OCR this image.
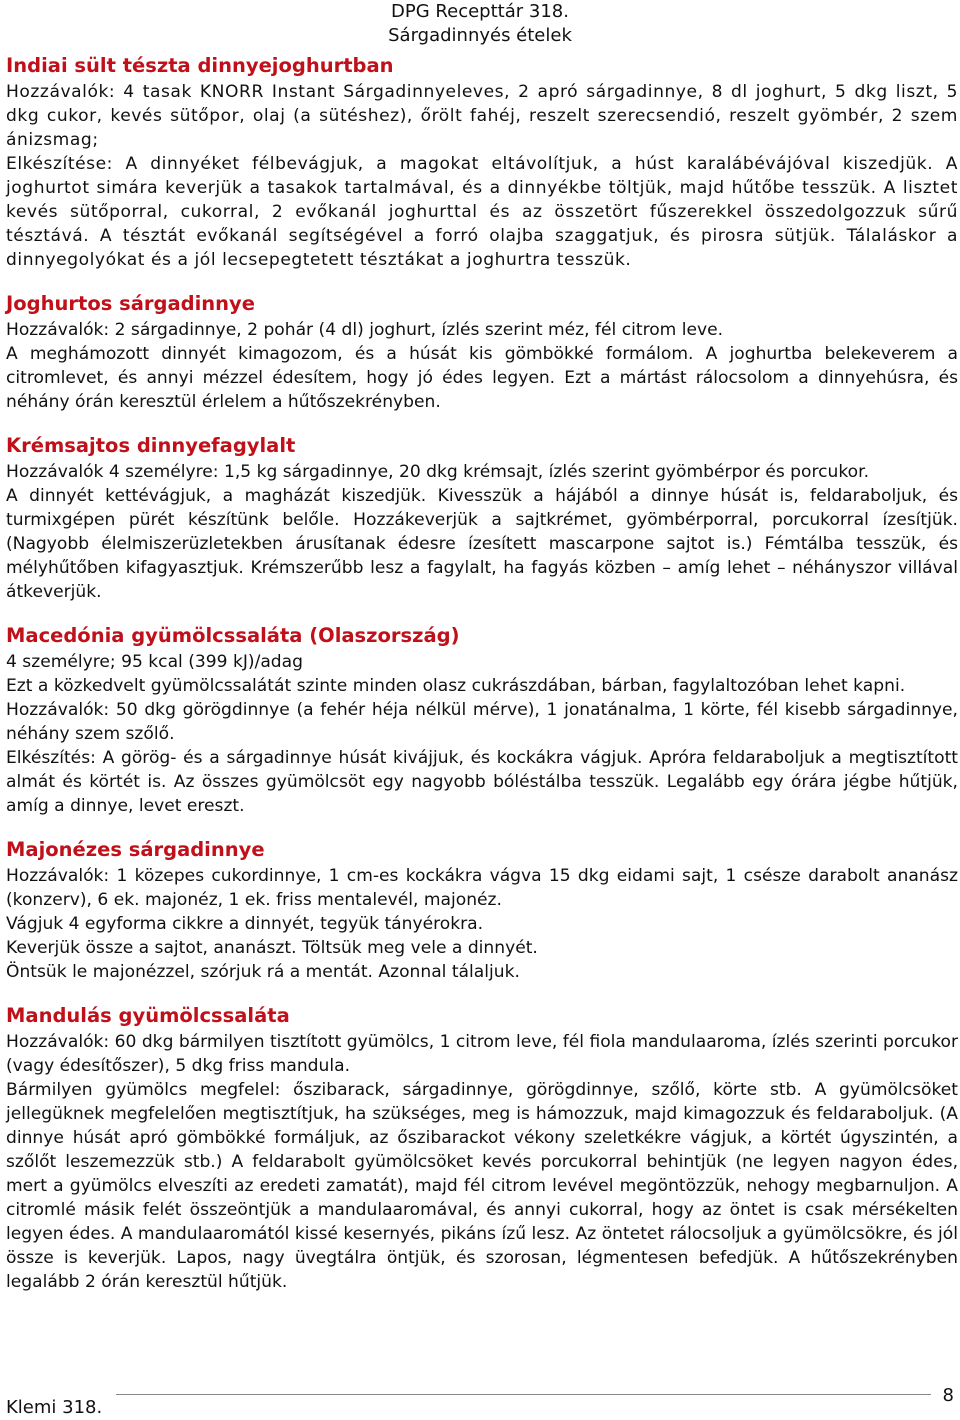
DPG Recepttár 318.
Sárgadinnyés ételek
Indiai sült tészta dinnyejoghurtban

Hozzávalók: 4 tasak KNORR Instant Sárgadinnyeleves, 2 apró sárgadinnye, 8 dl joghurt, 5 dkg liszt, 5 dkg cukor, kevés sütőpor, olaj (a sütéshez), őrölt fahéj, reszelt szerecsendió, reszelt gyömbér, 2 szem ánizsmag;

Elkészítése: A dinnyéket félbevágjuk, a magokat eltávolítjuk, a húst karalábévájóval kiszedjük. A joghurtot simára keverjük a tasakok tartalmával, és a dinnyékbe töltjük, majd hűtőbe tesszük. A lisztet kevés sütőporral, cukorral, 2 evőkanál joghurttal és az összetört fűszerekkel összedolgozzuk sűrű tésztává. A tésztát evőkanál segítségével a forró olajba szaggatjuk, és pirosra sütjük. Tálaláskor a dinnyegolyókat és a jól lecsepegtetett tésztákat a joghurtra tesszük.

Joghurtos sárgadinnye

Hozzávalók: 2 sárgadinnye, 2 pohár (4 dl) joghurt, ízlés szerint méz, fél citrom leve.

A meghámozott dinnyét kimagozom, és a húsát kis gömbökké formálom. A joghurtba belekeverem a citromlevet, és annyi mézzel édesítem, hogy jó édes legyen. Ezt a mártást rálocsolom a dinnyehúsra, és néhány órán keresztül érlelem a hűtőszekrényben.

Krémsajtos dinnyefagylalt

Hozzávalók 4 személyre: 1,5 kg sárgadinnye, 20 dkg krémsajt, ízlés szerint gyömbérpor és porcukor.

A dinnyét kettévágjuk, a magházát kiszedjük. Kivesszük a hájából a dinnye húsát is, feldaraboljuk, és turmixgépen pürét készítünk belőle. Hozzákeverjük a sajtkrémet, gyömbérporral, porcukorral ízesítjük. (Nagyobb élelmiszerüzletekben árusítanak édesre ízesített mascarpone sajtot is.) Fémtálba tesszük, és mélyhűtőben kifagyasztjuk. Krémszerűbb lesz a fagylalt, ha fagyás közben – amíg lehet – néhányszor villával átkeverjük.

Macedónia gyümölcssaláta (Olaszország)

4 személyre; 95 kcal (399 kJ)/adag

Ezt a közkedvelt gyümölcssalátát szinte minden olasz cukrászdában, bárban, fagylaltozóban lehet kapni.

Hozzávalók: 50 dkg görögdinnye (a fehér héja nélkül mérve), 1 jonatánalma, 1 körte, fél kisebb sárgadinnye, néhány szem szőlő.

Elkészítés: A görög- és a sárgadinnye húsát kivájjuk, és kockákra vágjuk. Apróra feldaraboljuk a megtisztított almát és körtét is. Az összes gyümölcsöt egy nagyobb bóléstálba tesszük. Legalább egy órára jégbe hűtjük, amíg a dinnye, levet ereszt.

Majonézes sárgadinnye

Hozzávalók: 1 közepes cukordinnye, 1 cm-es kockákra vágva 15 dkg eidami sajt, 1 csésze darabolt ananász (konzerv), 6 ek. majonéz, 1 ek. friss mentalevél, majonéz.

Vágjuk 4 egyforma cikkre a dinnyét, tegyük tányérokra.

Keverjük össze a sajtot, ananászt. Töltsük meg vele a dinnyét.

Öntsük le majonézzel, szórjuk rá a mentát. Azonnal tálaljuk.

Mandulás gyümölcssaláta

Hozzávalók: 60 dkg bármilyen tisztított gyümölcs, 1 citrom leve, fél fiola mandulaaroma, ízlés szerinti porcukor (vagy édesítőszer), 5 dkg friss mandula.

Bármilyen gyümölcs megfelel: őszibarack, sárgadinnye, görögdinnye, szőlő, körte stb. A gyümölcsöket jellegüknek megfelelően megtisztítjuk, ha szükséges, meg is hámozzuk, majd kimagozzuk és feldaraboljuk. (A dinnye húsát apró gömbökké formáljuk, az őszibarackot vékony szeletkékre vágjuk, a körtét úgyszintén, a szőlőt leszemezzük stb.) A feldarabolt gyümölcsöket kevés porcukorral behintjük (ne legyen nagyon édes, mert a gyümölcs elveszíti az eredeti zamatát), majd fél citrom levével megöntözzük, nehogy megbarnuljon. A citromlé másik felét összeöntjük a mandulaaromával, és annyi cukorral, hogy az öntet is csak mérsékelten legyen édes. A mandulaaromától kissé kesernyés, pikáns ízű lesz. Az öntetet rálocsoljuk a gyümölcsökre, és jól össze is keverjük. Lapos, nagy üvegtálra öntjük, és szorosan, légmentesen befedjük. A hűtőszekrényben legalább 2 órán keresztül hűtjük.

Klemi 318.
8
